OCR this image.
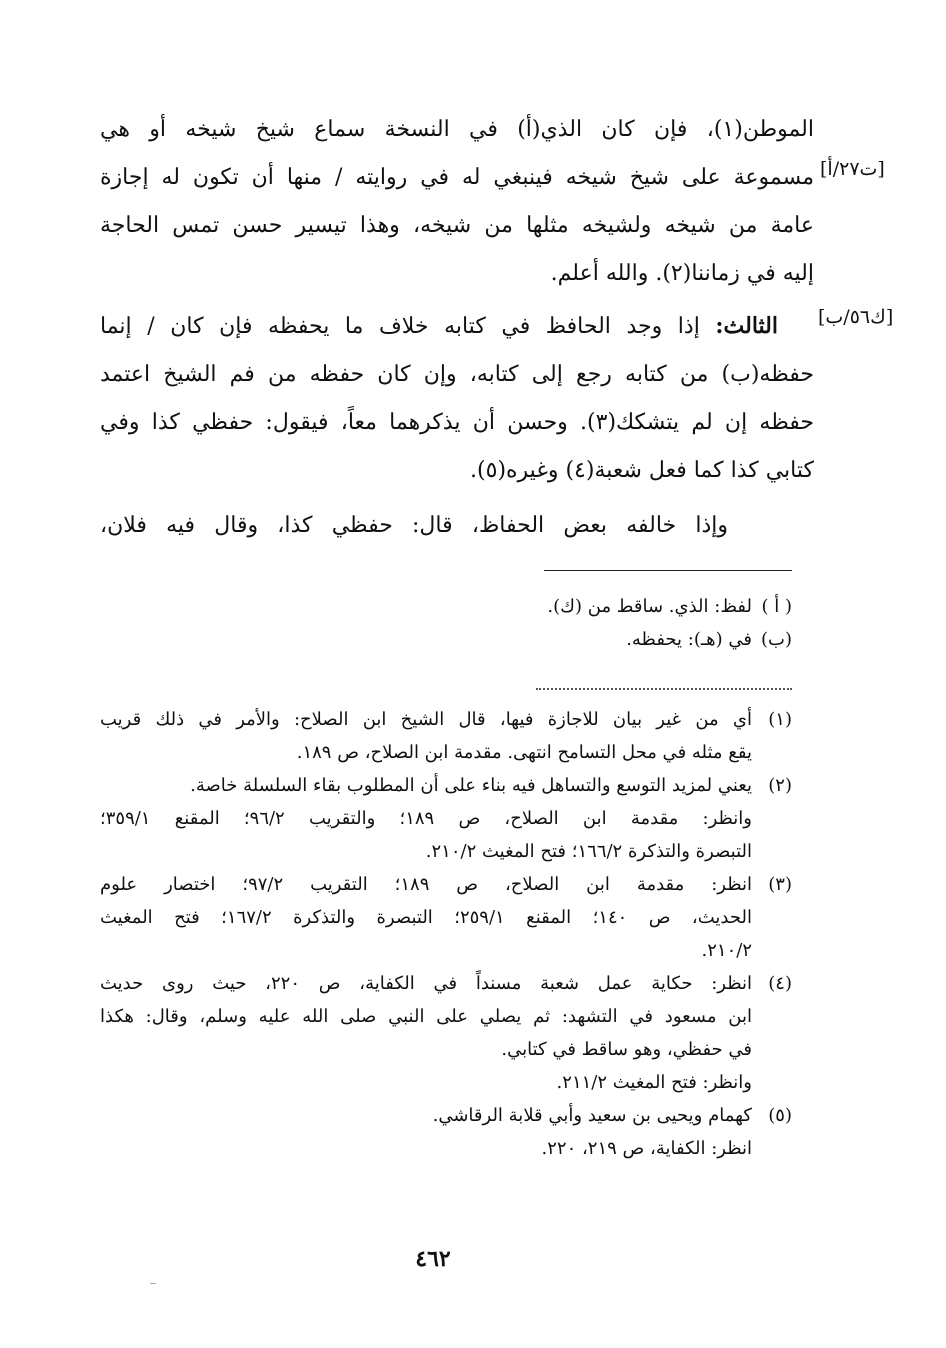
[ت٢٧/أ]
[ك٥٦/ب]
الموطن(١)، فإن كان الذي(أ) في النسخة سماع شيخ شيخه أو هي
مسموعة على شيخ شيخه فينبغي له في روايته / منها أن تكون له إجازة
عامة من شيخه ولشيخه مثلها من شيخه، وهذا تيسير حسن تمس الحاجة
إليه في زماننا(٢). والله أعلم.
الثالث: إذا وجد الحافظ في كتابه خلاف ما يحفظه فإن كان / إنما
حفظه(ب) من كتابه رجع إلى كتابه، وإن كان حفظه من فم الشيخ اعتمد
حفظه إن لم يتشكك(٣). وحسن أن يذكرهما معاً، فيقول: حفظي كذا وفي
كتابي كذا كما فعل شعبة(٤) وغيره(٥).
وإذا خالفه بعض الحفاظ، قال: حفظي كذا، وقال فيه فلان،
( أ )
لفظ: الذي. ساقط من (ك).
(ب)
في (هـ): يحفظه.
(١)
أي من غير بيان للاجازة فيها، قال الشيخ ابن الصلاح: والأمر في ذلك قريب
يقع مثله في محل التسامح انتهى. مقدمة ابن الصلاح، ص ١٨٩.
(٢)
يعني لمزيد التوسع والتساهل فيه بناء على أن المطلوب بقاء السلسلة خاصة.
وانظر: مقدمة ابن الصلاح، ص ١٨٩؛ والتقريب ٩٦/٢؛ المقنع ٣٥٩/١؛
التبصرة والتذكرة ١٦٦/٢؛ فتح المغيث ٢١٠/٢.
(٣)
انظر: مقدمة ابن الصلاح، ص ١٨٩؛ التقريب ٩٧/٢؛ اختصار علوم
الحديث، ص ١٤٠؛ المقنع ٢٥٩/١؛ التبصرة والتذكرة ١٦٧/٢؛ فتح المغيث
٢١٠/٢.
(٤)
انظر: حكاية عمل شعبة مسنداً في الكفاية، ص ٢٢٠، حيث روى حديث
ابن مسعود في التشهد: ثم يصلي على النبي صلى الله عليه وسلم، وقال: هكذا
في حفظي، وهو ساقط في كتابي.
وانظر: فتح المغيث ٢١١/٢.
(٥)
كهمام ويحيى بن سعيد وأبي قلابة الرقاشي.
انظر: الكفاية، ص ٢١٩، ٢٢٠.
٤٦٢
